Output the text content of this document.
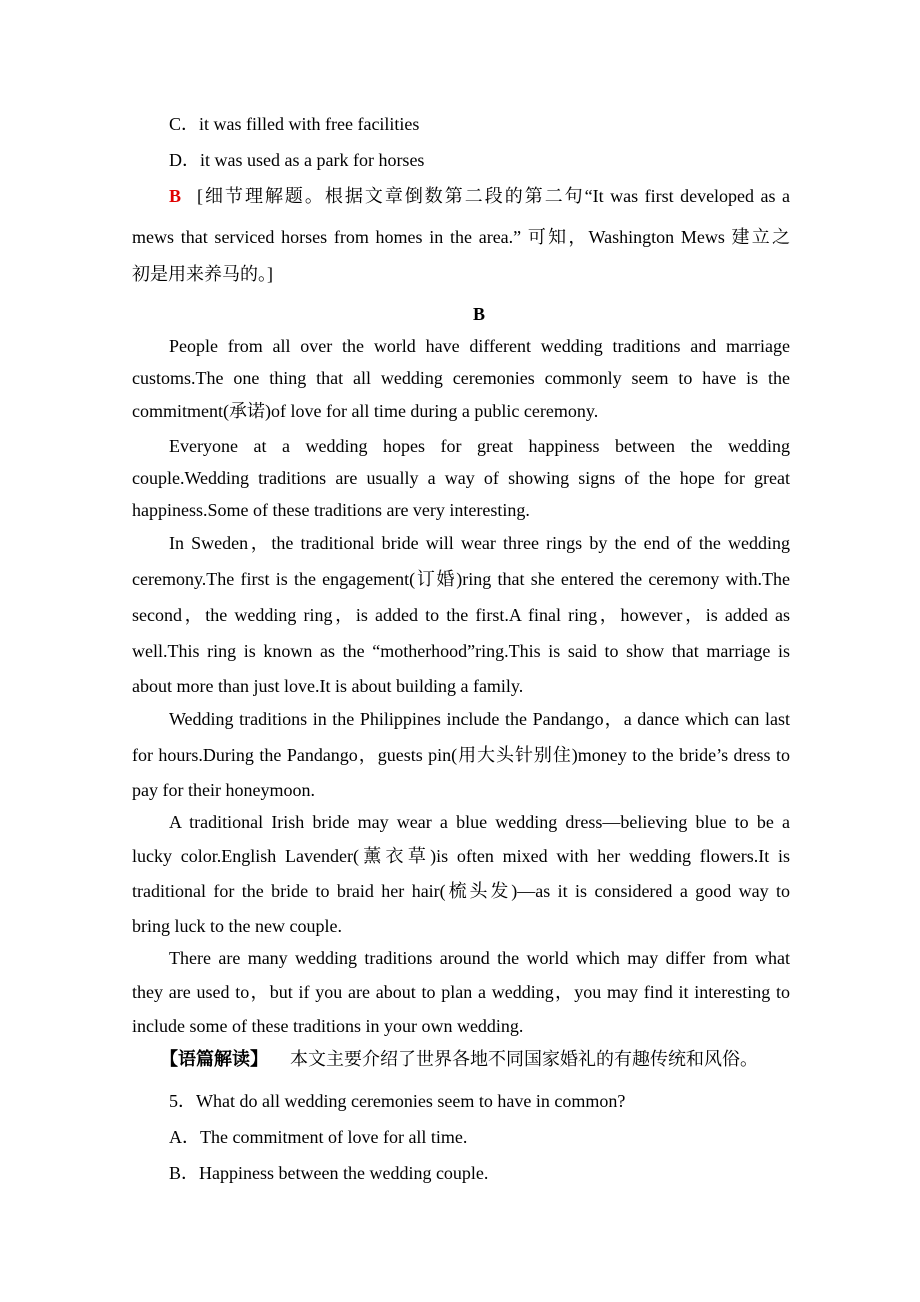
C．it was filled with free facilities
D．it was used as a park for horses
B [细节理解题。根据文章倒数第二段的第二句“It was first developed as a
mews that serviced horses from homes in the area.” 可知，Washington Mews 建立之
初是用来养马的。]
B
People from all over the world have different wedding traditions and marriage
customs.The one thing that all wedding ceremonies commonly seem to have is the
commitment(承诺)of love for all time during a public ceremony.
Everyone at a wedding hopes for great happiness between the wedding
couple.Wedding traditions are usually a way of showing signs of the hope for great
happiness.Some of these traditions are very interesting.
In Sweden，the traditional bride will wear three rings by the end of the wedding
ceremony.The first is the engagement(订婚)ring that she entered the ceremony with.The
second，the wedding ring，is added to the first.A final ring，however，is added as
well.This ring is known as the “motherhood”ring.This is said to show that marriage is
about more than just love.It is about building a family.
Wedding traditions in the Philippines include the Pandango，a dance which can last
for hours.During the Pandango，guests pin(用大头针别住)money to the bride’s dress to
pay for their honeymoon.
A traditional Irish bride may wear a blue wedding dress—believing blue to be a
lucky color.English Lavender(薰衣草)is often mixed with her wedding flowers.It is
traditional for the bride to braid her hair(梳头发)—as it is considered a good way to
bring luck to the new couple.
There are many wedding traditions around the world which may differ from what
they are used to，but if you are about to plan a wedding，you may find it interesting to
include some of these traditions in your own wedding.
【语篇解读】 本文主要介绍了世界各地不同国家婚礼的有趣传统和风俗。
5．What do all wedding ceremonies seem to have in common?
A．The commitment of love for all time.
B．Happiness between the wedding couple.
